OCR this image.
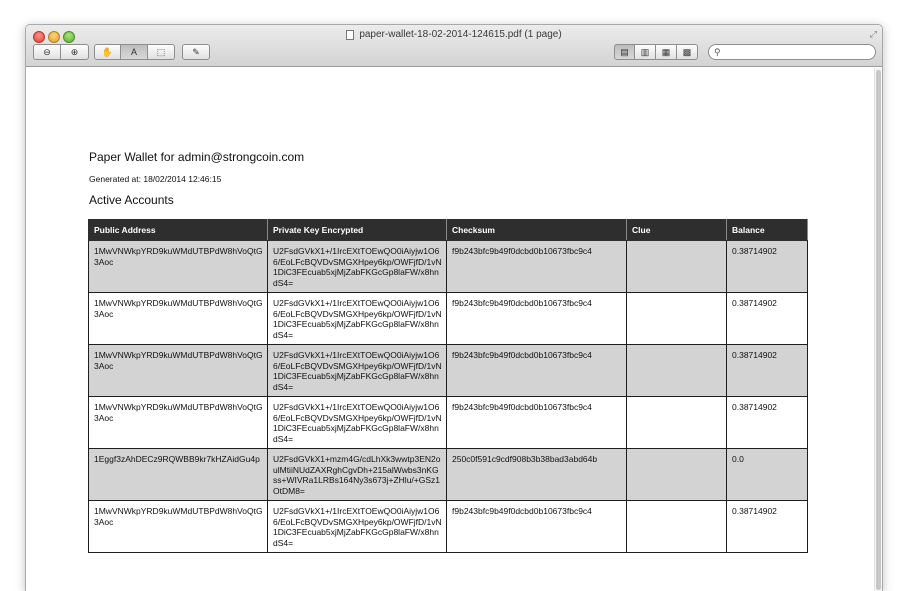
paper-wallet-18-02-2014-124615.pdf (1 page)	⤢
⊖ ⊕	✋ A ⬚	✎	▤ ▥ ▦ ▩	⚲
Paper Wallet for admin@strongcoin.com
Generated at: 18/02/2014 12:46:15
Active Accounts
Public Address	Private Key Encrypted	Checksum	Clue	Balance
1MwVNWkpYRD9kuWMdUTBPdW8hVoQtG3Aoc	U2FsdGVkX1+/1IrcEXtTOEwQO0iAiyjw1O66/EoLFcBQVDvSMGXHpey6kp/OWFjfD/1vN1DiC3FEcuab5xjMjZabFKGcGp8laFW/x8hndS4=	f9b243bfc9b49f0dcbd0b10673fbc9c4		0.38714902
1MwVNWkpYRD9kuWMdUTBPdW8hVoQtG3Aoc	U2FsdGVkX1+/1IrcEXtTOEwQO0iAiyjw1O66/EoLFcBQVDvSMGXHpey6kp/OWFjfD/1vN1DiC3FEcuab5xjMjZabFKGcGp8laFW/x8hndS4=	f9b243bfc9b49f0dcbd0b10673fbc9c4		0.38714902
1MwVNWkpYRD9kuWMdUTBPdW8hVoQtG3Aoc	U2FsdGVkX1+/1IrcEXtTOEwQO0iAiyjw1O66/EoLFcBQVDvSMGXHpey6kp/OWFjfD/1vN1DiC3FEcuab5xjMjZabFKGcGp8laFW/x8hndS4=	f9b243bfc9b49f0dcbd0b10673fbc9c4		0.38714902
1MwVNWkpYRD9kuWMdUTBPdW8hVoQtG3Aoc	U2FsdGVkX1+/1IrcEXtTOEwQO0iAiyjw1O66/EoLFcBQVDvSMGXHpey6kp/OWFjfD/1vN1DiC3FEcuab5xjMjZabFKGcGp8laFW/x8hndS4=	f9b243bfc9b49f0dcbd0b10673fbc9c4		0.38714902
1Eggf3zAhDECz9RQWBB9kr7kHZAidGu4p	U2FsdGVkX1+mzm4G/cdLhXk3wwtp3EN2oulMtiiNUdZAXRghCgvDh+215alWwbs3nKGss+WIVRa1LRBs164Ny3s673j+ZHlu/+GSz1OtDM8=	250c0f591c9cdf908b3b38bad3abd64b		0.0
1MwVNWkpYRD9kuWMdUTBPdW8hVoQtG3Aoc	U2FsdGVkX1+/1IrcEXtTOEwQO0iAiyjw1O66/EoLFcBQVDvSMGXHpey6kp/OWFjfD/1vN1DiC3FEcuab5xjMjZabFKGcGp8laFW/x8hndS4=	f9b243bfc9b49f0dcbd0b10673fbc9c4		0.38714902
